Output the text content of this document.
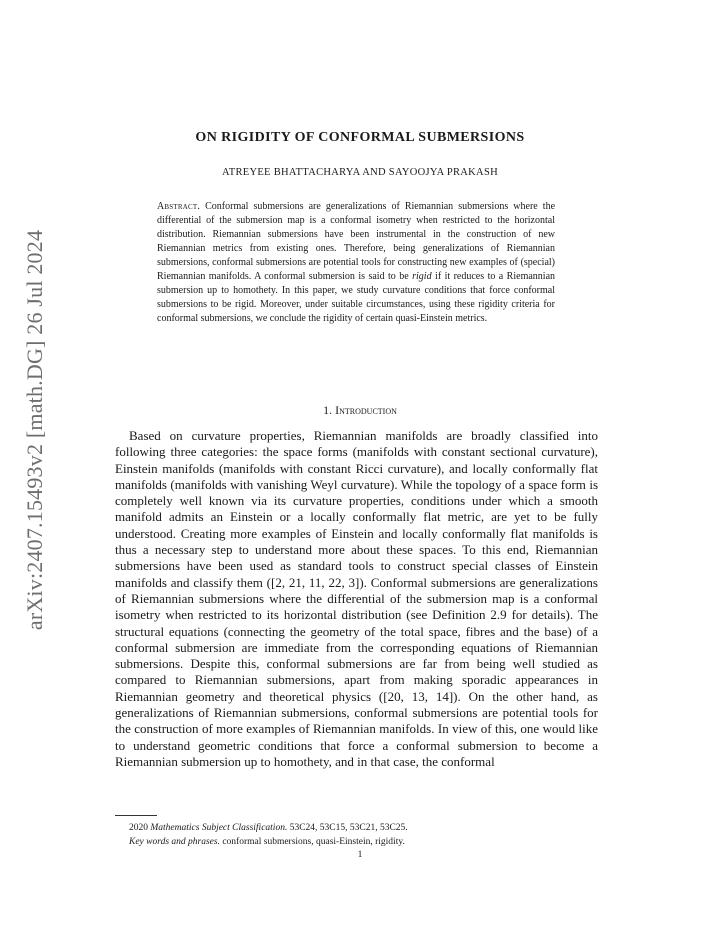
arXiv:2407.15493v2 [math.DG] 26 Jul 2024
ON RIGIDITY OF CONFORMAL SUBMERSIONS
ATREYEE BHATTACHARYA AND SAYOOJYA PRAKASH
Abstract. Conformal submersions are generalizations of Riemannian submersions where the differential of the submersion map is a conformal isometry when restricted to the horizontal distribution. Riemannian submersions have been instrumental in the construction of new Riemannian metrics from existing ones. Therefore, being generalizations of Riemannian submersions, conformal submersions are potential tools for constructing new examples of (special) Riemannian manifolds. A conformal submersion is said to be rigid if it reduces to a Riemannian submersion up to homothety. In this paper, we study curvature conditions that force conformal submersions to be rigid. Moreover, under suitable circumstances, using these rigidity criteria for conformal submersions, we conclude the rigidity of certain quasi-Einstein metrics.
1. Introduction

Based on curvature properties, Riemannian manifolds are broadly classified into following three categories: the space forms (manifolds with constant sectional curvature), Einstein manifolds (manifolds with constant Ricci curvature), and locally conformally flat manifolds (manifolds with vanishing Weyl curvature). While the topology of a space form is completely well known via its curvature properties, conditions under which a smooth manifold admits an Einstein or a locally conformally flat metric, are yet to be fully understood. Creating more examples of Einstein and locally conformally flat manifolds is thus a necessary step to understand more about these spaces. To this end, Riemannian submersions have been used as standard tools to construct special classes of Einstein manifolds and classify them ([2, 21, 11, 22, 3]). Conformal submersions are generalizations of Riemannian submersions where the differential of the submersion map is a conformal isometry when restricted to its horizontal distribution (see Definition 2.9 for details). The structural equations (connecting the geometry of the total space, fibres and the base) of a conformal submersion are immediate from the corresponding equations of Riemannian submersions. Despite this, conformal submersions are far from being well studied as compared to Riemannian submersions, apart from making sporadic appearances in Riemannian geometry and theoretical physics ([20, 13, 14]). On the other hand, as generalizations of Riemannian submersions, conformal submersions are potential tools for the construction of more examples of Riemannian manifolds. In view of this, one would like to understand geometric conditions that force a conformal submersion to become a Riemannian submersion up to homothety, and in that case, the conformal

2020 Mathematics Subject Classification. 53C24, 53C15, 53C21, 53C25.
Key words and phrases. conformal submersions, quasi-Einstein, rigidity.
1
